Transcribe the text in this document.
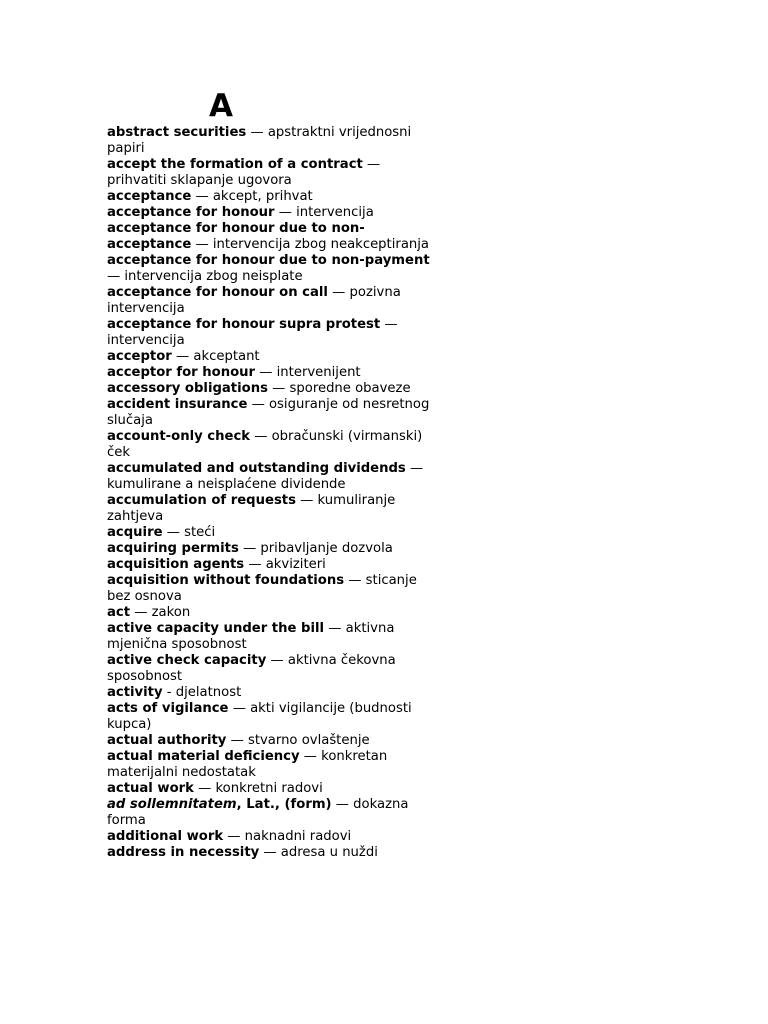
A
abstract securities — apstraktni vrijednosni papiri
accept the formation of a contract — prihvatiti sklapanje ugovora
acceptance — akcept, prihvat
acceptance for honour — intervencija
acceptance for honour due to non-acceptance — intervencija zbog neakceptiranja
acceptance for honour due to non-payment — intervencija zbog neisplate
acceptance for honour on call — pozivna intervencija
acceptance for honour supra protest — intervencija
acceptor — akceptant
acceptor for honour — intervenijent
accessory obligations — sporedne obaveze
accident insurance — osiguranje od nesretnog slučaja
account-only check — obračunski (virmanski) ček
accumulated and outstanding dividends — kumulirane a neisplaćene dividende
accumulation of requests — kumuliranje zahtjeva
acquire — steći
acquiring permits — pribavljanje dozvola
acquisition agents — akviziteri
acquisition without foundations — sticanje bez osnova
act — zakon
active capacity under the bill — aktivna mjenična sposobnost
active check capacity — aktivna čekovna sposobnost
activity - djelatnost
acts of vigilance — akti vigilancije (budnosti kupca)
actual authority — stvarno ovlaštenje
actual material deficiency — konkretan materijalni nedostatak
actual work — konkretni radovi
ad sollemnitatem, Lat., (form) — dokazna forma
additional work — naknadni radovi
address in necessity — adresa u nuždi
